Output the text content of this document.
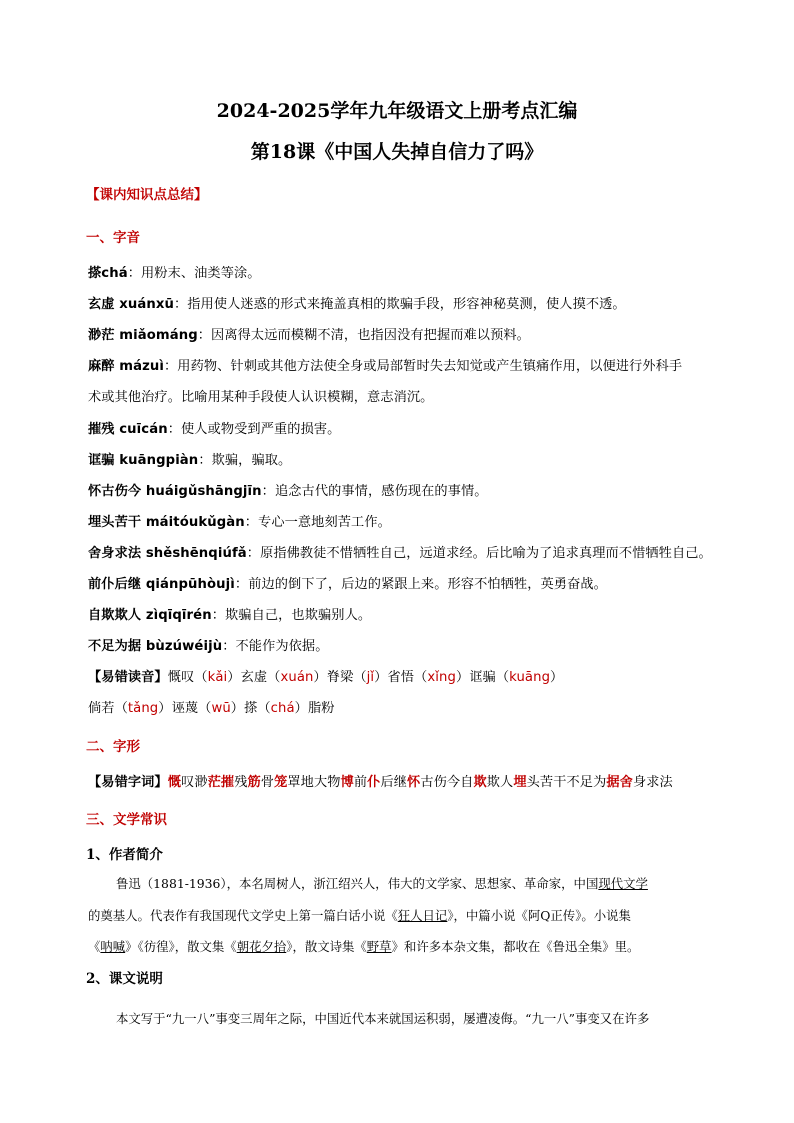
2024-2025学年九年级语文上册考点汇编
第18课《中国人失掉自信力了吗》
【课内知识点总结】
一、字音
搽chá：用粉末、油类等涂。
玄虚 xuánxū：指用使人迷惑的形式来掩盖真相的欺骗手段，形容神秘莫测，使人摸不透。
渺茫 miǎománg：因离得太远而模糊不清，也指因没有把握而难以预料。
麻醉 mázuì：用药物、针刺或其他方法使全身或局部暂时失去知觉或产生镇痛作用，以便进行外科手
术或其他治疗。比喻用某种手段使人认识模糊，意志消沉。
摧残 cuīcán：使人或物受到严重的损害。
诓骗 kuāngpiàn：欺骗，骗取。
怀古伤今 huáigǔshāngjīn：追念古代的事情，感伤现在的事情。
埋头苦干 máitóukǔgàn：专心一意地刻苦工作。
舍身求法 shěshēnqiúfǎ：原指佛教徒不惜牺牲自己，远道求经。后比喻为了追求真理而不惜牺牲自己。
前仆后继 qiánpūhòujì：前边的倒下了，后边的紧跟上来。形容不怕牺牲，英勇奋战。
自欺欺人 zìqīqīrén：欺骗自己，也欺骗别人。
不足为据 bùzúwéijù：不能作为依据。
【易错读音】慨叹（kǎi）玄虚（xuán）脊梁（jǐ）省悟（xǐng）诓骗（kuāng）
倘若（tǎng）诬蔑（wū）搽（chá）脂粉
二、字形
【易错字词】慨叹渺茫摧残筋骨笼罩地大物博前仆后继怀古伤今自欺欺人埋头苦干不足为据舍身求法
三、文学常识
1、作者简介
鲁迅（1881-1936），本名周树人，浙江绍兴人，伟大的文学家、思想家、革命家，中国现代文学
的奠基人。代表作有我国现代文学史上第一篇白话小说《狂人日记》，中篇小说《阿Q正传》。小说集
《呐喊》《彷徨》，散文集《朝花夕拾》，散文诗集《野草》和许多本杂文集，都收在《鲁迅全集》里。
2、课文说明
本文写于“九一八”事变三周年之际，中国近代本来就国运积弱，屡遭凌侮。“九一八”事变又在许多
